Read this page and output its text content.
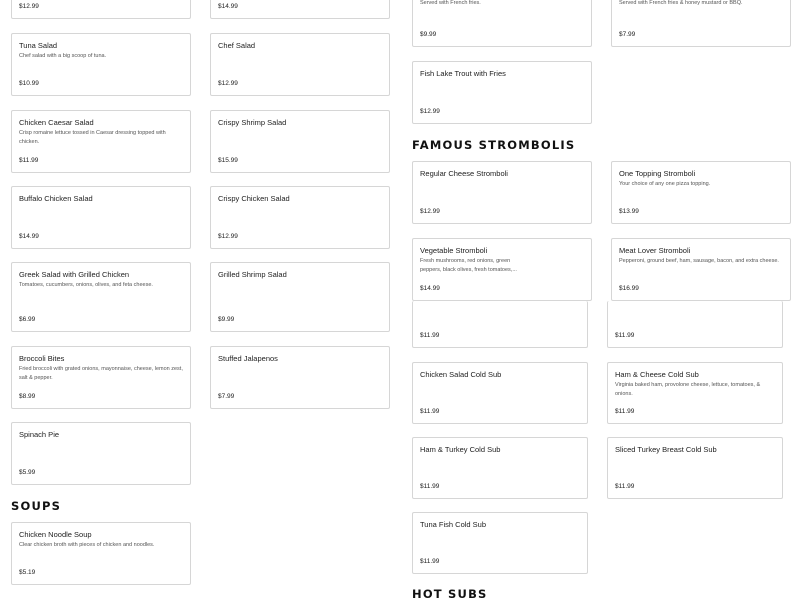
$12.99
Tuna Salad
Chef salad with a big scoop of tuna.
$10.99
Chicken Caesar Salad
Crisp romaine lettuce tossed in Caesar dressing topped with chicken.
$11.99
Buffalo Chicken Salad
$14.99
Greek Salad with Grilled Chicken
Tomatoes, cucumbers, onions, olives, and feta cheese.
$6.99
Broccoli Bites
Fried broccoli with grated onions, mayonnaise, cheese, lemon zest, salt & pepper.
$8.99
Spinach Pie
$5.99
SOUPS
Chicken Noodle Soup
Clear chicken broth with pieces of chicken and noodles.
$5.19
$14.99
Chef Salad
$12.99
Crispy Shrimp Salad
$15.99
Crispy Chicken Salad
$12.99
Grilled Shrimp Salad
$9.99
Stuffed Jalapenos
$7.99
Served with French fries.
$9.99
Fish Lake Trout with Fries
$12.99
FAMOUS STROMBOLIS
Regular Cheese Stromboli
$12.99
Vegetable Stromboli
Fresh mushrooms, red onions, green peppers, black olives, fresh tomatoes,...
$14.99
$11.99
Chicken Salad Cold Sub
$11.99
Ham & Turkey Cold Sub
$11.99
Tuna Fish Cold Sub
$11.99
HOT SUBS
Served with French fries & honey mustard or BBQ.
$7.99
One Topping Stromboli
Your choice of any one pizza topping.
$13.99
Meat Lover Stromboli
Pepperoni, ground beef, ham, sausage, bacon, and extra cheese.
$16.99
$11.99
Ham & Cheese Cold Sub
Virginia baked ham, provolone cheese, lettuce, tomatoes, & onions.
$11.99
Sliced Turkey Breast Cold Sub
$11.99
